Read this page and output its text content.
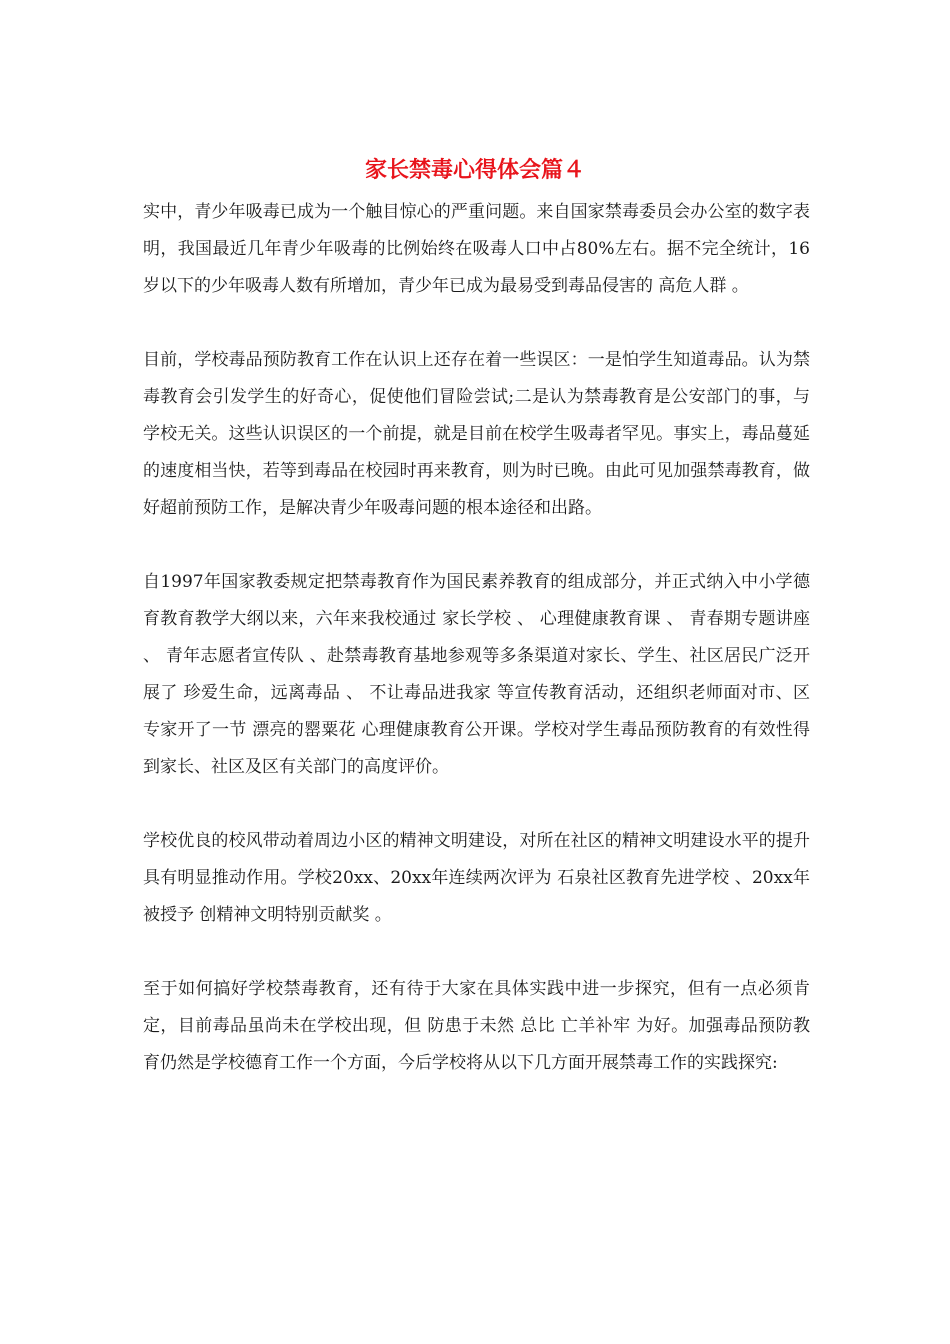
家长禁毒心得体会篇４

实中，青少年吸毒已成为一个触目惊心的严重问题。来自国家禁毒委员会办公室的数字表明，我国最近几年青少年吸毒的比例始终在吸毒人口中占80%左右。据不完全统计，16岁以下的少年吸毒人数有所增加，青少年已成为最易受到毒品侵害的 高危人群 。

目前，学校毒品预防教育工作在认识上还存在着一些误区：一是怕学生知道毒品。认为禁毒教育会引发学生的好奇心，促使他们冒险尝试;二是认为禁毒教育是公安部门的事，与学校无关。这些认识误区的一个前提，就是目前在校学生吸毒者罕见。事实上，毒品蔓延的速度相当快，若等到毒品在校园时再来教育，则为时已晚。由此可见加强禁毒教育，做好超前预防工作，是解决青少年吸毒问题的根本途径和出路。

自1997年国家教委规定把禁毒教育作为国民素养教育的组成部分，并正式纳入中小学德育教育教学大纲以来，六年来我校通过 家长学校 、 心理健康教育课 、 青春期专题讲座 、 青年志愿者宣传队 、赴禁毒教育基地参观等多条渠道对家长、学生、社区居民广泛开展了 珍爱生命，远离毒品 、 不让毒品进我家 等宣传教育活动，还组织老师面对市、区专家开了一节 漂亮的罂粟花 心理健康教育公开课。学校对学生毒品预防教育的有效性得到家长、社区及区有关部门的高度评价。

学校优良的校风带动着周边小区的精神文明建设，对所在社区的精神文明建设水平的提升具有明显推动作用。学校20xx、20xx年连续两次评为 石泉社区教育先进学校 、20xx年被授予 创精神文明特别贡献奖 。

至于如何搞好学校禁毒教育，还有待于大家在具体实践中进一步探究，但有一点必须肯定，目前毒品虽尚未在学校出现，但 防患于未然 总比 亡羊补牢 为好。加强毒品预防教育仍然是学校德育工作一个方面，今后学校将从以下几方面开展禁毒工作的实践探究:
